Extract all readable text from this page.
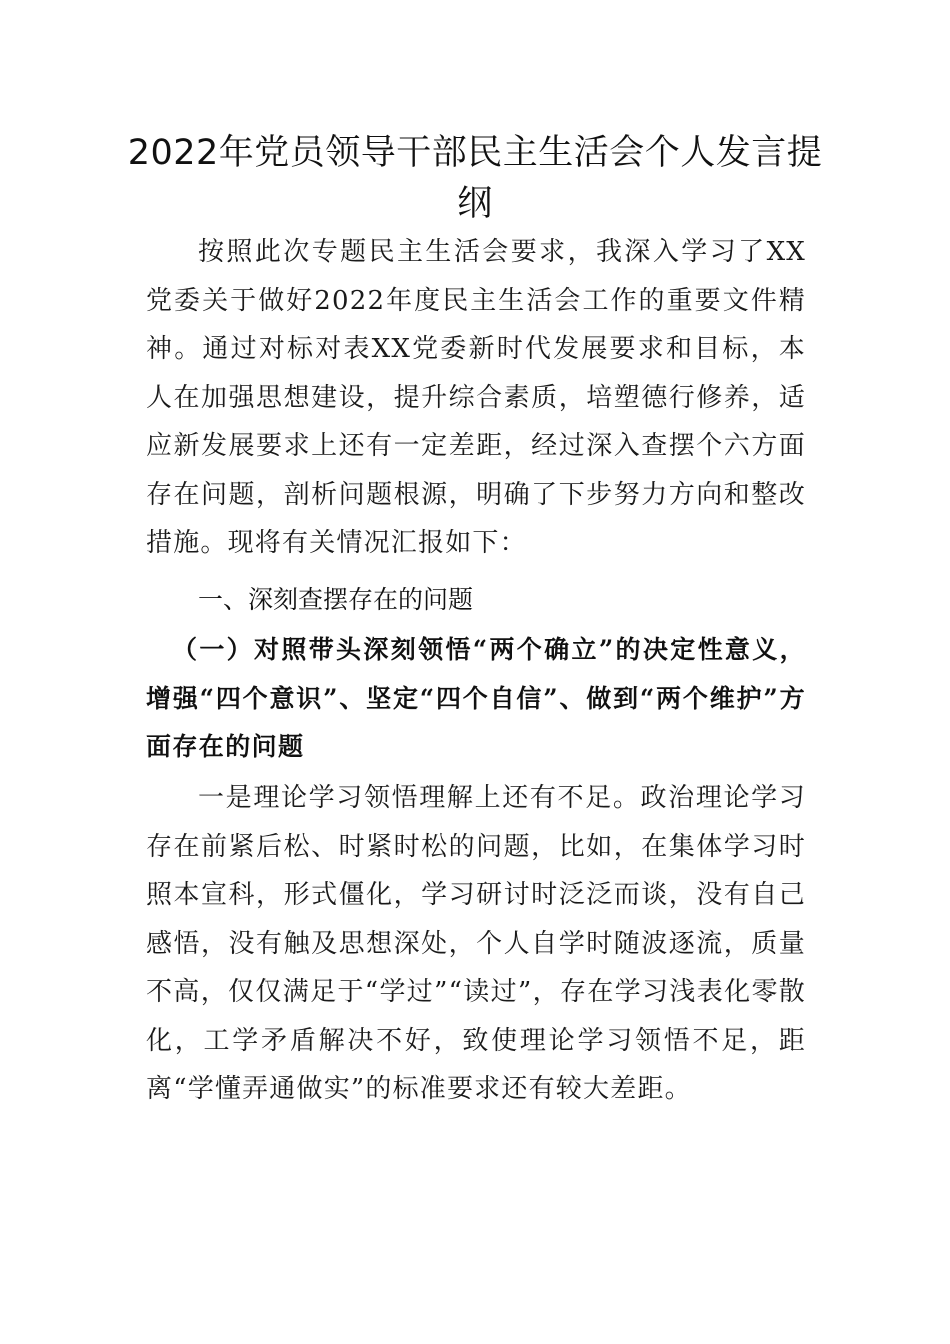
2022年党员领导干部民主生活会个人发言提纲

按照此次专题民主生活会要求，我深入学习了XX党委关于做好2022年度民主生活会工作的重要文件精神。通过对标对表XX党委新时代发展要求和目标，本人在加强思想建设，提升综合素质，培塑德行修养，适应新发展要求上还有一定差距，经过深入查摆个六方面存在问题，剖析问题根源，明确了下步努力方向和整改措施。现将有关情况汇报如下：

一、深刻查摆存在的问题
（一）对照带头深刻领悟“两个确立”的决定性意义，增强“四个意识”、坚定“四个自信”、做到“两个维护”方面存在的问题

一是理论学习领悟理解上还有不足。政治理论学习存在前紧后松、时紧时松的问题，比如，在集体学习时照本宣科，形式僵化，学习研讨时泛泛而谈，没有自己感悟，没有触及思想深处，个人自学时随波逐流，质量不高，仅仅满足于“学过”“读过”，存在学习浅表化零散化，工学矛盾解决不好，致使理论学习领悟不足，距离“学懂弄通做实”的标准要求还有较大差距。
